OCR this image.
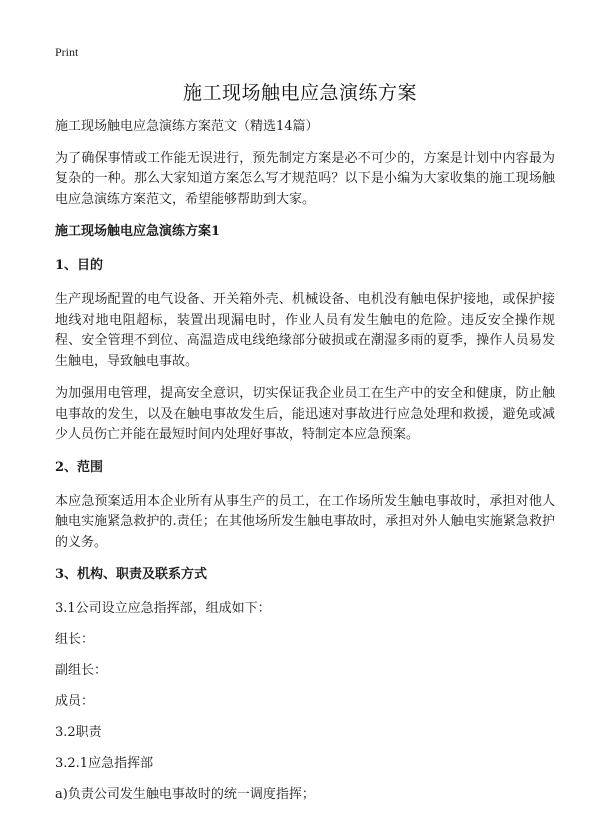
Print
施工现场触电应急演练方案

施工现场触电应急演练方案范文（精选14篇）

为了确保事情或工作能无误进行，预先制定方案是必不可少的，方案是计划中内容最为复杂的一种。那么大家知道方案怎么写才规范吗？以下是小编为大家收集的施工现场触电应急演练方案范文，希望能够帮助到大家。

施工现场触电应急演练方案1
1、目的

生产现场配置的电气设备、开关箱外壳、机械设备、电机没有触电保护接地，或保护接地线对地电阻超标，装置出现漏电时，作业人员有发生触电的危险。违反安全操作规程、安全管理不到位、高温造成电线绝缘部分破损或在潮湿多雨的夏季，操作人员易发生触电，导致触电事故。

为加强用电管理，提高安全意识，切实保证我企业员工在生产中的安全和健康，防止触电事故的发生，以及在触电事故发生后，能迅速对事故进行应急处理和救援，避免或减少人员伤亡并能在最短时间内处理好事故，特制定本应急预案。

2、范围

本应急预案适用本企业所有从事生产的员工，在工作场所发生触电事故时，承担对他人触电实施紧急救护的.责任；在其他场所发生触电事故时，承担对外人触电实施紧急救护的义务。

3、机构、职责及联系方式
3.1公司设立应急指挥部，组成如下：
组长：
副组长：
成员：
3.2职责
3.2.1应急指挥部
a)负责公司发生触电事故时的统一调度指挥；
